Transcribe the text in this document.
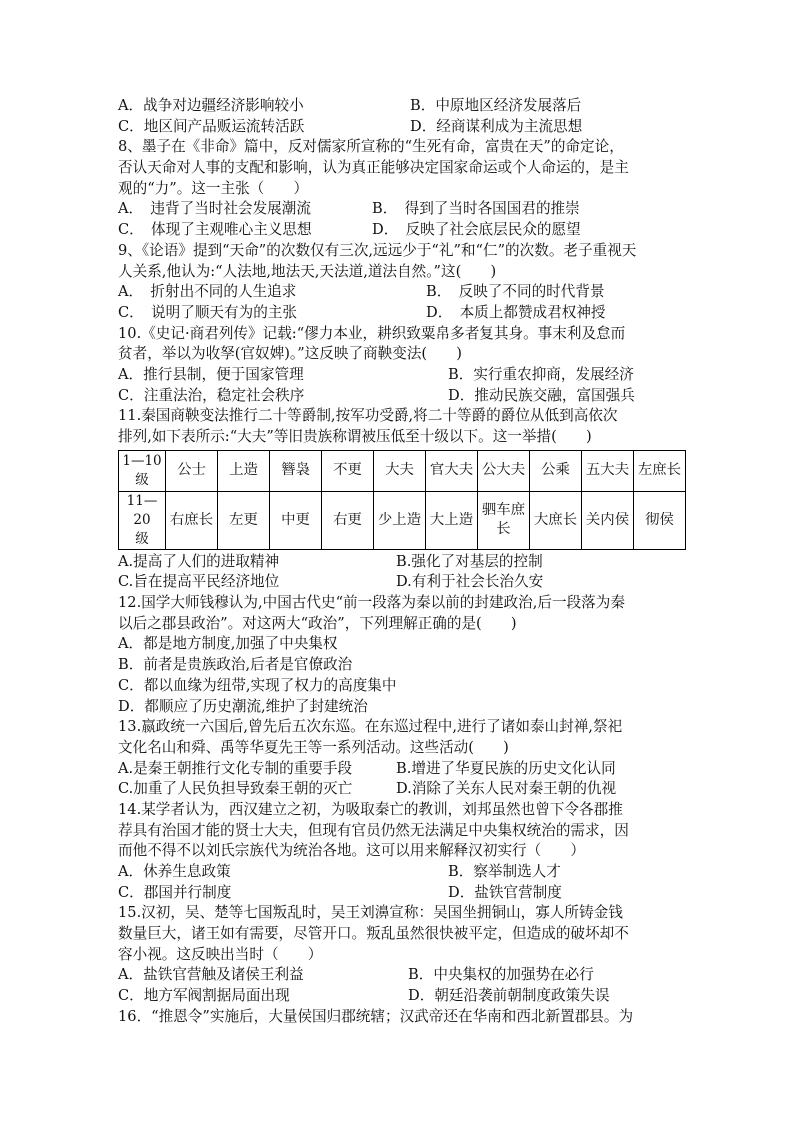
A．战争对边疆经济影响较小	B．中原地区经济发展落后
C．地区间产品贩运流转活跃	D．经商谋利成为主流思想
8、墨子在《非命》篇中，反对儒家所宣称的“生死有命，富贵在天”的命定论，
否认天命对人事的支配和影响，认为真正能够决定国家命运或个人命运的，是主
观的“力”。这一主张（　　）
A．　违背了当时社会发展潮流	B．　得到了当时各国国君的推崇
C．　体现了主观唯心主义思想	D．　反映了社会底层民众的愿望
9、《论语》提到“天命”的次数仅有三次,远远少于“礼”和“仁”的次数。老子重视天
人关系,他认为:“人法地,地法天,天法道,道法自然。”这(　　)
A．　折射出不同的人生追求	B．　反映了不同的时代背景
C．　说明了顺天有为的主张	D．　本质上都赞成君权神授
10.《史记·商君列传》记载:“僇力本业，耕织致粟帛多者复其身。事末利及怠而
贫者，举以为收孥(官奴婢)。”这反映了商鞅变法(　　)
A．推行县制，便于国家管理	B．实行重农抑商，发展经济
C．注重法治，稳定社会秩序	D．推动民族交融，富国强兵
11.秦国商鞅变法推行二十等爵制,按军功受爵,将二十等爵的爵位从低到高依次
排列,如下表所示:“大夫”等旧贵族称谓被压低至十级以下。这一举措(　　)
1—10
级	公士	上造	簪袅	不更	大夫	官大夫	公大夫	公乘	五大夫	左庶长
11—20
级	右庶长	左更	中更	右更	少上造	大上造	驷车庶长	大庶长	关内侯	彻侯
A.提高了人们的进取精神	B.强化了对基层的控制
C.旨在提高平民经济地位	D.有利于社会长治久安
12.国学大师钱穆认为,中国古代史“前一段落为秦以前的封建政治,后一段落为秦
以后之郡县政治”。对这两大“政治”，下列理解正确的是(　　)
A．都是地方制度,加强了中央集权
B．前者是贵族政治,后者是官僚政治
C．都以血缘为纽带,实现了权力的高度集中
D．都顺应了历史潮流,维护了封建统治
13.嬴政统一六国后,曾先后五次东巡。在东巡过程中,进行了诸如泰山封禅,祭祀
文化名山和舜、禹等华夏先王等一系列活动。这些活动(　　)
A.是秦王朝推行文化专制的重要手段	B.增进了华夏民族的历史文化认同
C.加重了人民负担导致秦王朝的灭亡	D.消除了关东人民对秦王朝的仇视
14.某学者认为，西汉建立之初，为吸取秦亡的教训，刘邦虽然也曾下令各郡推
荐具有治国才能的贤士大夫，但现有官员仍然无法满足中央集权统治的需求，因
而他不得不以刘氏宗族代为统治各地。这可以用来解释汉初实行（　　）
A．休养生息政策	B．察举制选人才
C．郡国并行制度	D．盐铁官营制度
15.汉初，吴、楚等七国叛乱时，吴王刘濞宣称：吴国坐拥铜山，寡人所铸金钱
数量巨大，诸王如有需要，尽管开口。叛乱虽然很快被平定，但造成的破坏却不
容小视。这反映出当时（　　）
A．盐铁官营触及诸侯王利益	B．中央集权的加强势在必行
C．地方军阀割据局面出现	D．朝廷沿袭前朝制度政策失误
16．“推恩令”实施后，大量侯国归郡统辖；汉武帝还在华南和西北新置郡县。为
